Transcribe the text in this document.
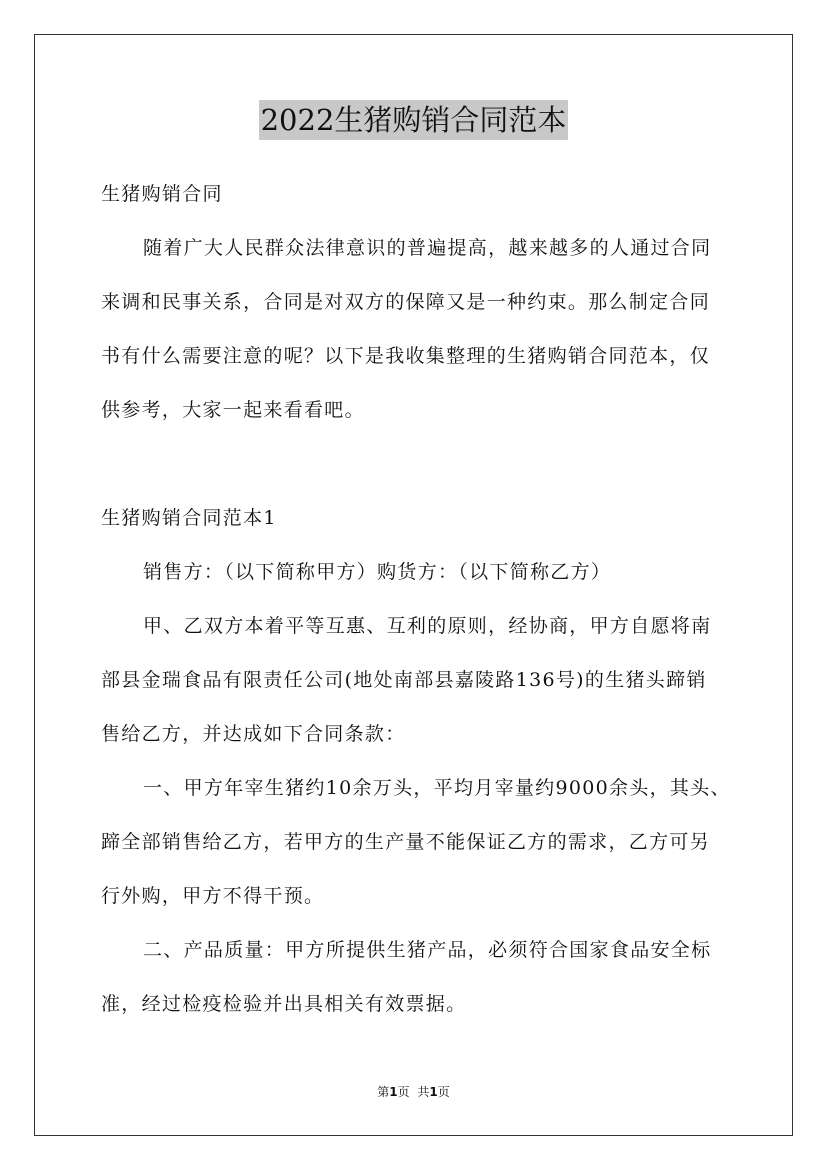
2022生猪购销合同范本
生猪购销合同
随着广大人民群众法律意识的普遍提高，越来越多的人通过合同
来调和民事关系，合同是对双方的保障又是一种约束。那么制定合同
书有什么需要注意的呢？以下是我收集整理的生猪购销合同范本，仅
供参考，大家一起来看看吧。
生猪购销合同范本1
销售方：（以下简称甲方）购货方：（以下简称乙方）
甲、乙双方本着平等互惠、互利的原则，经协商，甲方自愿将南
部县金瑞食品有限责任公司(地处南部县嘉陵路136号)的生猪头蹄销
售给乙方，并达成如下合同条款：
一、甲方年宰生猪约10余万头，平均月宰量约9000余头，其头、
蹄全部销售给乙方，若甲方的生产量不能保证乙方的需求，乙方可另
行外购，甲方不得干预。
二、产品质量：甲方所提供生猪产品，必须符合国家食品安全标
准，经过检疫检验并出具相关有效票据。
第1页 共1页
